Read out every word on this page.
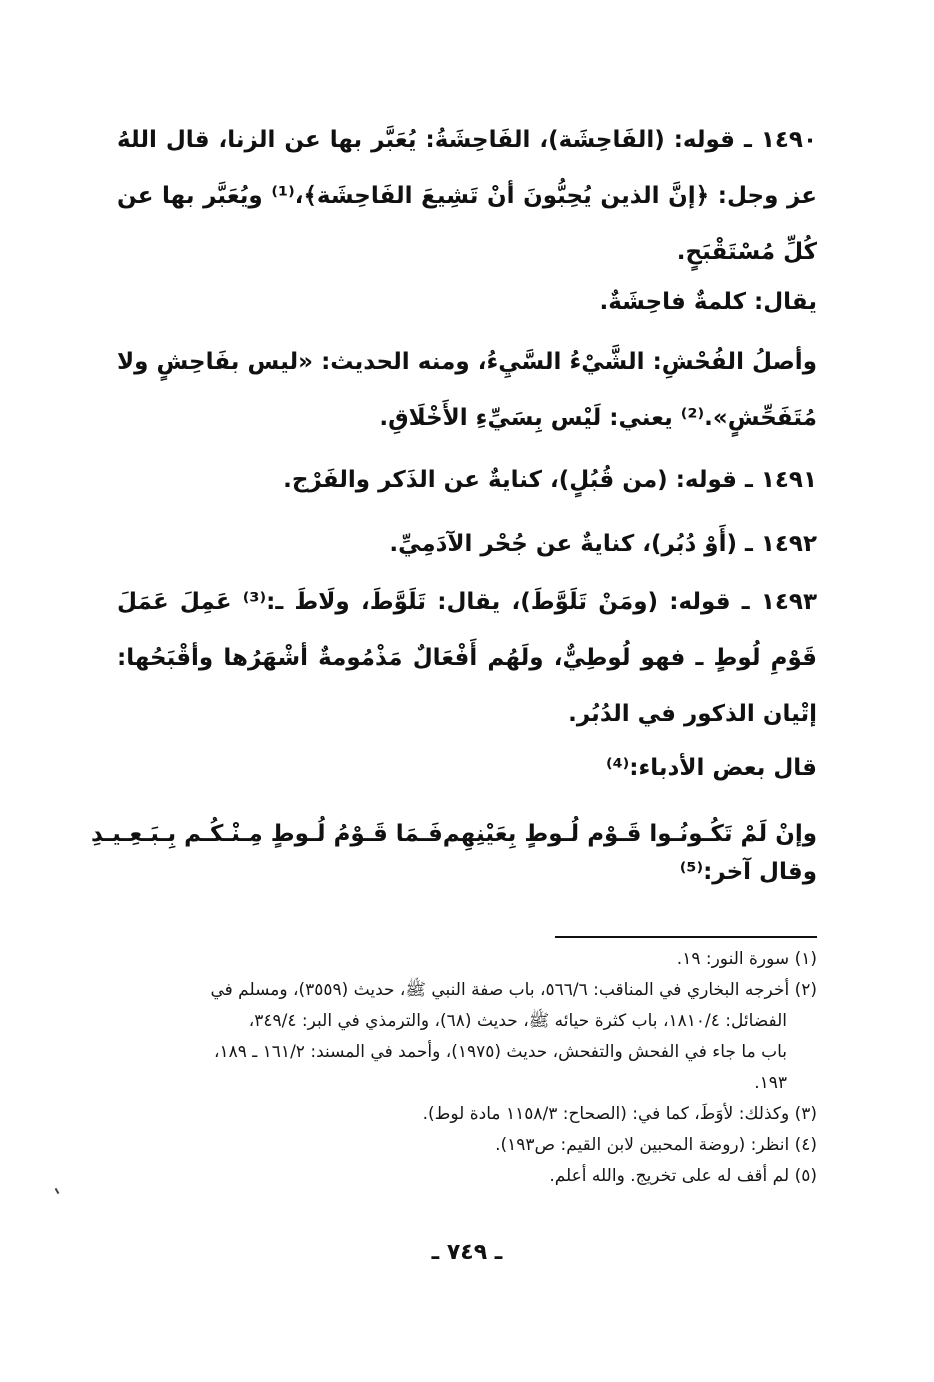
١٤٩٠ ـ قوله: (الفَاحِشَة)، الفَاحِشَةُ: يُعَبَّر بها عن الزنا، قال اللهُ عز وجل: ﴿إنَّ الذين يُحِبُّونَ أنْ تَشِيعَ الفَاحِشَة﴾،⁽¹⁾ ويُعَبَّر بها عن كُلِّ مُسْتَقْبَحٍ.
يقال: كلمةٌ فاحِشَةٌ.
وأصلُ الفُحْشِ: الشَّيْءُ السَّيِءُ، ومنه الحديث: «ليس بفَاحِشٍ ولا مُتَفَحِّشٍ».⁽²⁾ يعني: لَيْس بِسَيِّءِ الأَخْلَاقِ.
١٤٩١ ـ قوله: (من قُبُلٍ)، كنايةٌ عن الذَكر والفَرْج.
١٤٩٢ ـ (أَوْ دُبُر)، كنايةٌ عن جُحْر الآدَمِيِّ.
١٤٩٣ ـ قوله: (ومَنْ تَلَوَّطَ)، يقال: تَلَوَّطَ، ولَاطَ ـ:⁽³⁾ عَمِلَ عَمَلَ قَوْمِ لُوطٍ ـ فهو لُوطِيٌّ، ولَهُم أَفْعَالٌ مَذْمُومةٌ أشْهَرُها وأقْبَحُها: إتْيان الذكور في الدُبُر.
قال بعض الأدباء:⁽⁴⁾
وإنْ لَمْ تَكُـونُـوا قَـوْم لُـوطٍ بِعَيْنِهِم
فَـمَا قَـوْمُ لُـوطٍ مِـنْـكُـم بِـبَـعِـيـدِ
وقال آخر:⁽⁵⁾

(١) سورة النور: ١٩.

(٢) أخرجه البخاري في المناقب: ٥٦٦/٦، باب صفة النبي ﷺ، حديث (٣٥٥٩)، ومسلم في

الفضائل: ١٨١٠/٤، باب كثرة حيائه ﷺ، حديث (٦٨)، والترمذي في البر: ٣٤٩/٤،

باب ما جاء في الفحش والتفحش، حديث (١٩٧٥)، وأحمد في المسند: ١٦١/٢ ـ ١٨٩،

١٩٣.

(٣) وكذلك: لأوَطَ، كما في: (الصحاح: ١١٥٨/٣ مادة لوط).

(٤) انظر: (روضة المحبين لابن القيم: ص١٩٣).

(٥) لم أقف له على تخريج. والله أعلم.

ـ ٧٤٩ ـ
